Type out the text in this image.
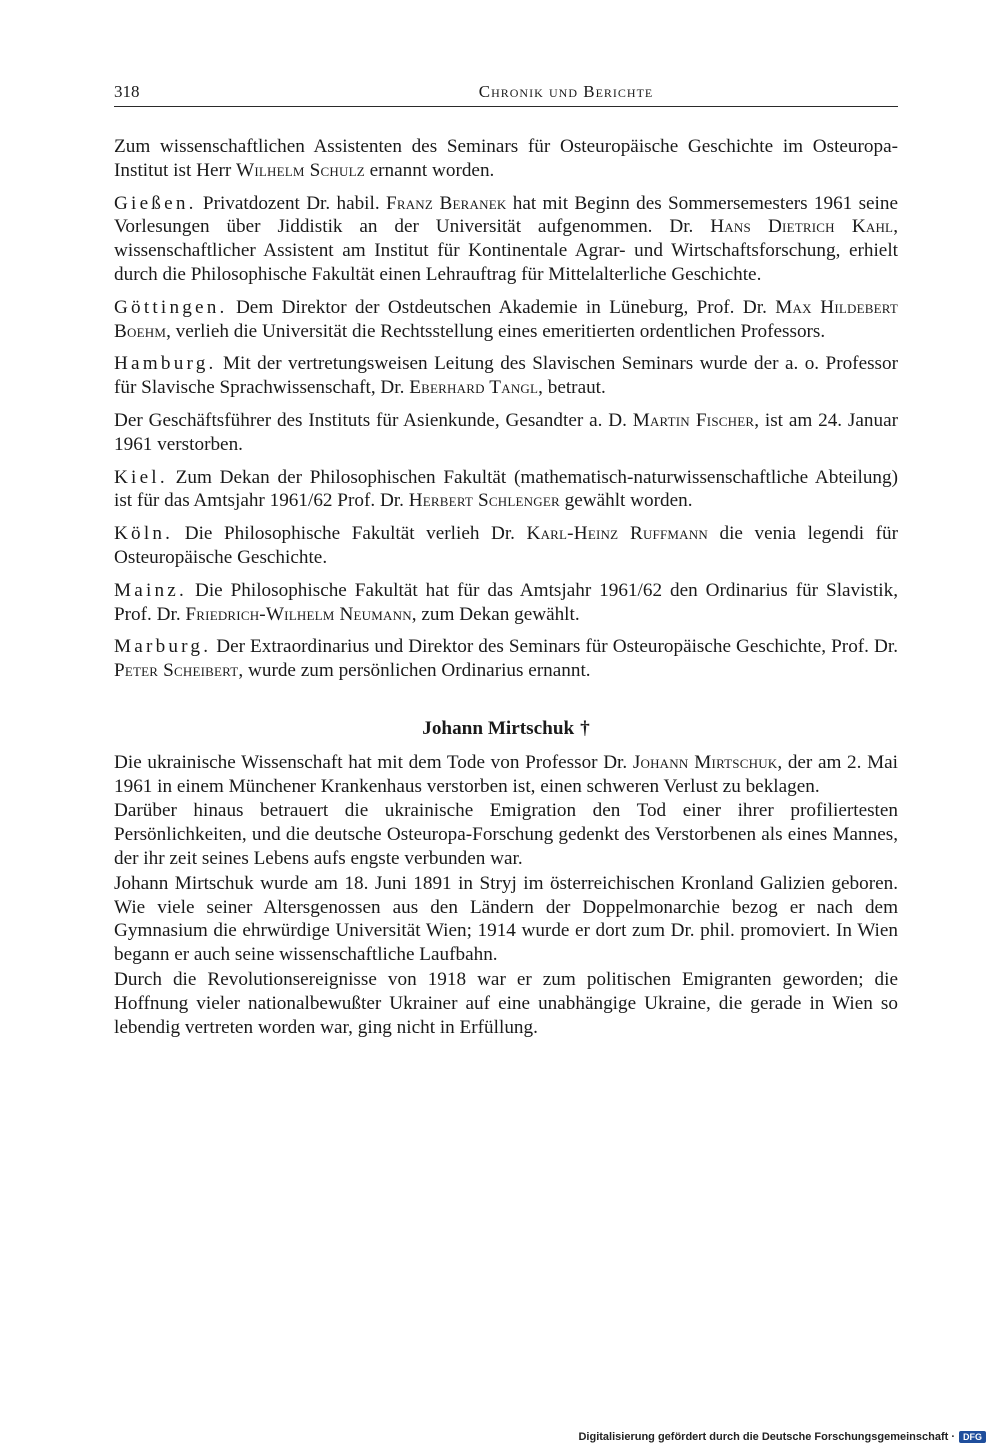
318	Chronik und Berichte

Zum wissenschaftlichen Assistenten des Seminars für Osteuropäische Geschichte im Osteuropa-Institut ist Herr Wilhelm Schulz ernannt worden.

Gießen. Privatdozent Dr. habil. Franz Beranek hat mit Beginn des Sommersemesters 1961 seine Vorlesungen über Jiddistik an der Universität aufgenommen. Dr. Hans Dietrich Kahl, wissenschaftlicher Assistent am Institut für Kontinentale Agrar- und Wirtschaftsforschung, erhielt durch die Philosophische Fakultät einen Lehrauftrag für Mittelalterliche Geschichte.

Göttingen. Dem Direktor der Ostdeutschen Akademie in Lüneburg, Prof. Dr. Max Hildebert Boehm, verlieh die Universität die Rechtsstellung eines emeritierten ordentlichen Professors.

Hamburg. Mit der vertretungsweisen Leitung des Slavischen Seminars wurde der a. o. Professor für Slavische Sprachwissenschaft, Dr. Eberhard Tangl, betraut.

Der Geschäftsführer des Instituts für Asienkunde, Gesandter a. D. Martin Fischer, ist am 24. Januar 1961 verstorben.

Kiel. Zum Dekan der Philosophischen Fakultät (mathematisch-naturwissenschaftliche Abteilung) ist für das Amtsjahr 1961/62 Prof. Dr. Herbert Schlenger gewählt worden.

Köln. Die Philosophische Fakultät verlieh Dr. Karl-Heinz Ruffmann die venia legendi für Osteuropäische Geschichte.

Mainz. Die Philosophische Fakultät hat für das Amtsjahr 1961/62 den Ordinarius für Slavistik, Prof. Dr. Friedrich-Wilhelm Neumann, zum Dekan gewählt.

Marburg. Der Extraordinarius und Direktor des Seminars für Osteuropäische Geschichte, Prof. Dr. Peter Scheibert, wurde zum persönlichen Ordinarius ernannt.

Johann Mirtschuk †

Die ukrainische Wissenschaft hat mit dem Tode von Professor Dr. Johann Mirtschuk, der am 2. Mai 1961 in einem Münchener Krankenhaus verstorben ist, einen schweren Verlust zu beklagen.

Darüber hinaus betrauert die ukrainische Emigration den Tod einer ihrer profiliertesten Persönlichkeiten, und die deutsche Osteuropa-Forschung gedenkt des Verstorbenen als eines Mannes, der ihr zeit seines Lebens aufs engste verbunden war.

Johann Mirtschuk wurde am 18. Juni 1891 in Stryj im österreichischen Kronland Galizien geboren. Wie viele seiner Altersgenossen aus den Ländern der Doppelmonarchie bezog er nach dem Gymnasium die ehrwürdige Universität Wien; 1914 wurde er dort zum Dr. phil. promoviert. In Wien begann er auch seine wissenschaftliche Laufbahn.

Durch die Revolutionsereignisse von 1918 war er zum politischen Emigranten geworden; die Hoffnung vieler nationalbewußter Ukrainer auf eine unabhängige Ukraine, die gerade in Wien so lebendig vertreten worden war, ging nicht in Erfüllung.

Digitalisierung gefördert durch die Deutsche Forschungsgemeinschaft · DFG
